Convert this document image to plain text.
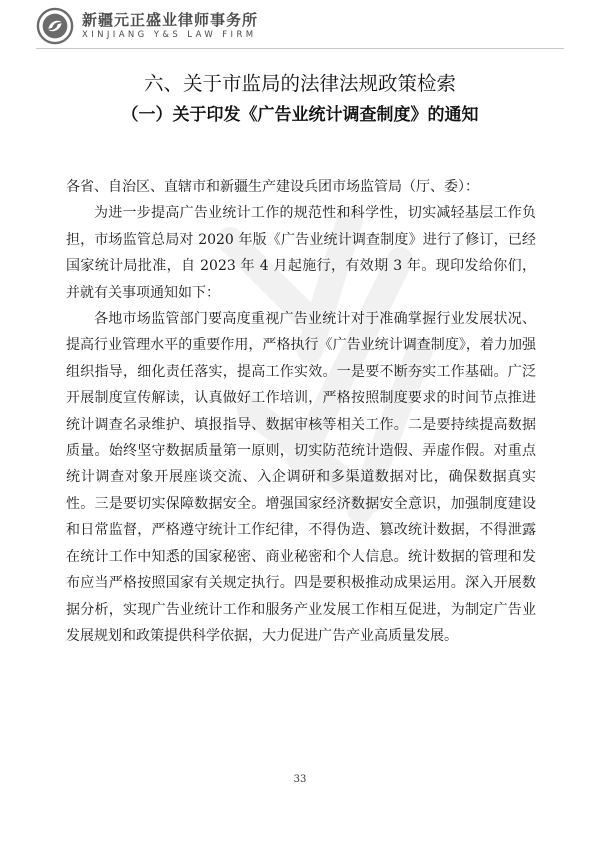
新疆元正盛业律师事务所
XINJIANG Y&S LAW FIRM
六、关于市监局的法律法规政策检索
（一）关于印发《广告业统计调查制度》的通知

各省、自治区、直辖市和新疆生产建设兵团市场监管局（厅、委）：

为进一步提高广告业统计工作的规范性和科学性，切实减轻基层工作负担，市场监管总局对 2020 年版《广告业统计调查制度》进行了修订，已经国家统计局批准，自 2023 年 4 月起施行，有效期 3 年。现印发给你们，并就有关事项通知如下：

各地市场监管部门要高度重视广告业统计对于准确掌握行业发展状况、提高行业管理水平的重要作用，严格执行《广告业统计调查制度》，着力加强组织指导，细化责任落实，提高工作实效。一是要不断夯实工作基础。广泛开展制度宣传解读，认真做好工作培训，严格按照制度要求的时间节点推进统计调查名录维护、填报指导、数据审核等相关工作。二是要持续提高数据质量。始终坚守数据质量第一原则，切实防范统计造假、弄虚作假。对重点统计调查对象开展座谈交流、入企调研和多渠道数据对比，确保数据真实性。三是要切实保障数据安全。增强国家经济数据安全意识，加强制度建设和日常监督，严格遵守统计工作纪律，不得伪造、篡改统计数据，不得泄露在统计工作中知悉的国家秘密、商业秘密和个人信息。统计数据的管理和发布应当严格按照国家有关规定执行。四是要积极推动成果运用。深入开展数据分析，实现广告业统计工作和服务产业发展工作相互促进，为制定广告业发展规划和政策提供科学依据，大力促进广告产业高质量发展。

33
